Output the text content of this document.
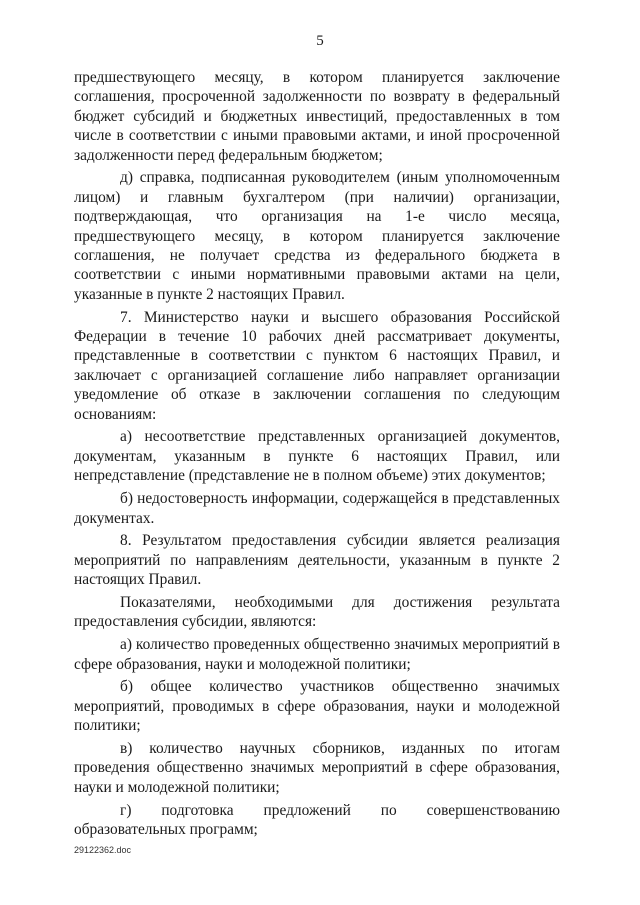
5

предшествующего месяцу, в котором планируется заключение соглашения, просроченной задолженности по возврату в федеральный бюджет субсидий и бюджетных инвестиций, предоставленных в том числе в соответствии с иными правовыми актами, и иной просроченной задолженности перед федеральным бюджетом;

д) справка, подписанная руководителем (иным уполномоченным лицом) и главным бухгалтером (при наличии) организации, подтверждающая, что организация на 1-е число месяца, предшествующего месяцу, в котором планируется заключение соглашения, не получает средства из федерального бюджета в соответствии с иными нормативными правовыми актами на цели, указанные в пункте 2 настоящих Правил.

7. Министерство науки и высшего образования Российской Федерации в течение 10 рабочих дней рассматривает документы, представленные в соответствии с пунктом 6 настоящих Правил, и заключает с организацией соглашение либо направляет организации уведомление об отказе в заключении соглашения по следующим основаниям:

а) несоответствие представленных организацией документов, документам, указанным в пункте 6 настоящих Правил, или непредставление (представление не в полном объеме) этих документов;

б) недостоверность информации, содержащейся в представленных документах.

8. Результатом предоставления субсидии является реализация мероприятий по направлениям деятельности, указанным в пункте 2 настоящих Правил.

Показателями, необходимыми для достижения результата предоставления субсидии, являются:

а) количество проведенных общественно значимых мероприятий в сфере образования, науки и молодежной политики;

б) общее количество участников общественно значимых мероприятий, проводимых в сфере образования, науки и молодежной политики;

в) количество научных сборников, изданных по итогам проведения общественно значимых мероприятий в сфере образования, науки и молодежной политики;

г) подготовка предложений по совершенствованию образовательных программ;

29122362.doc
